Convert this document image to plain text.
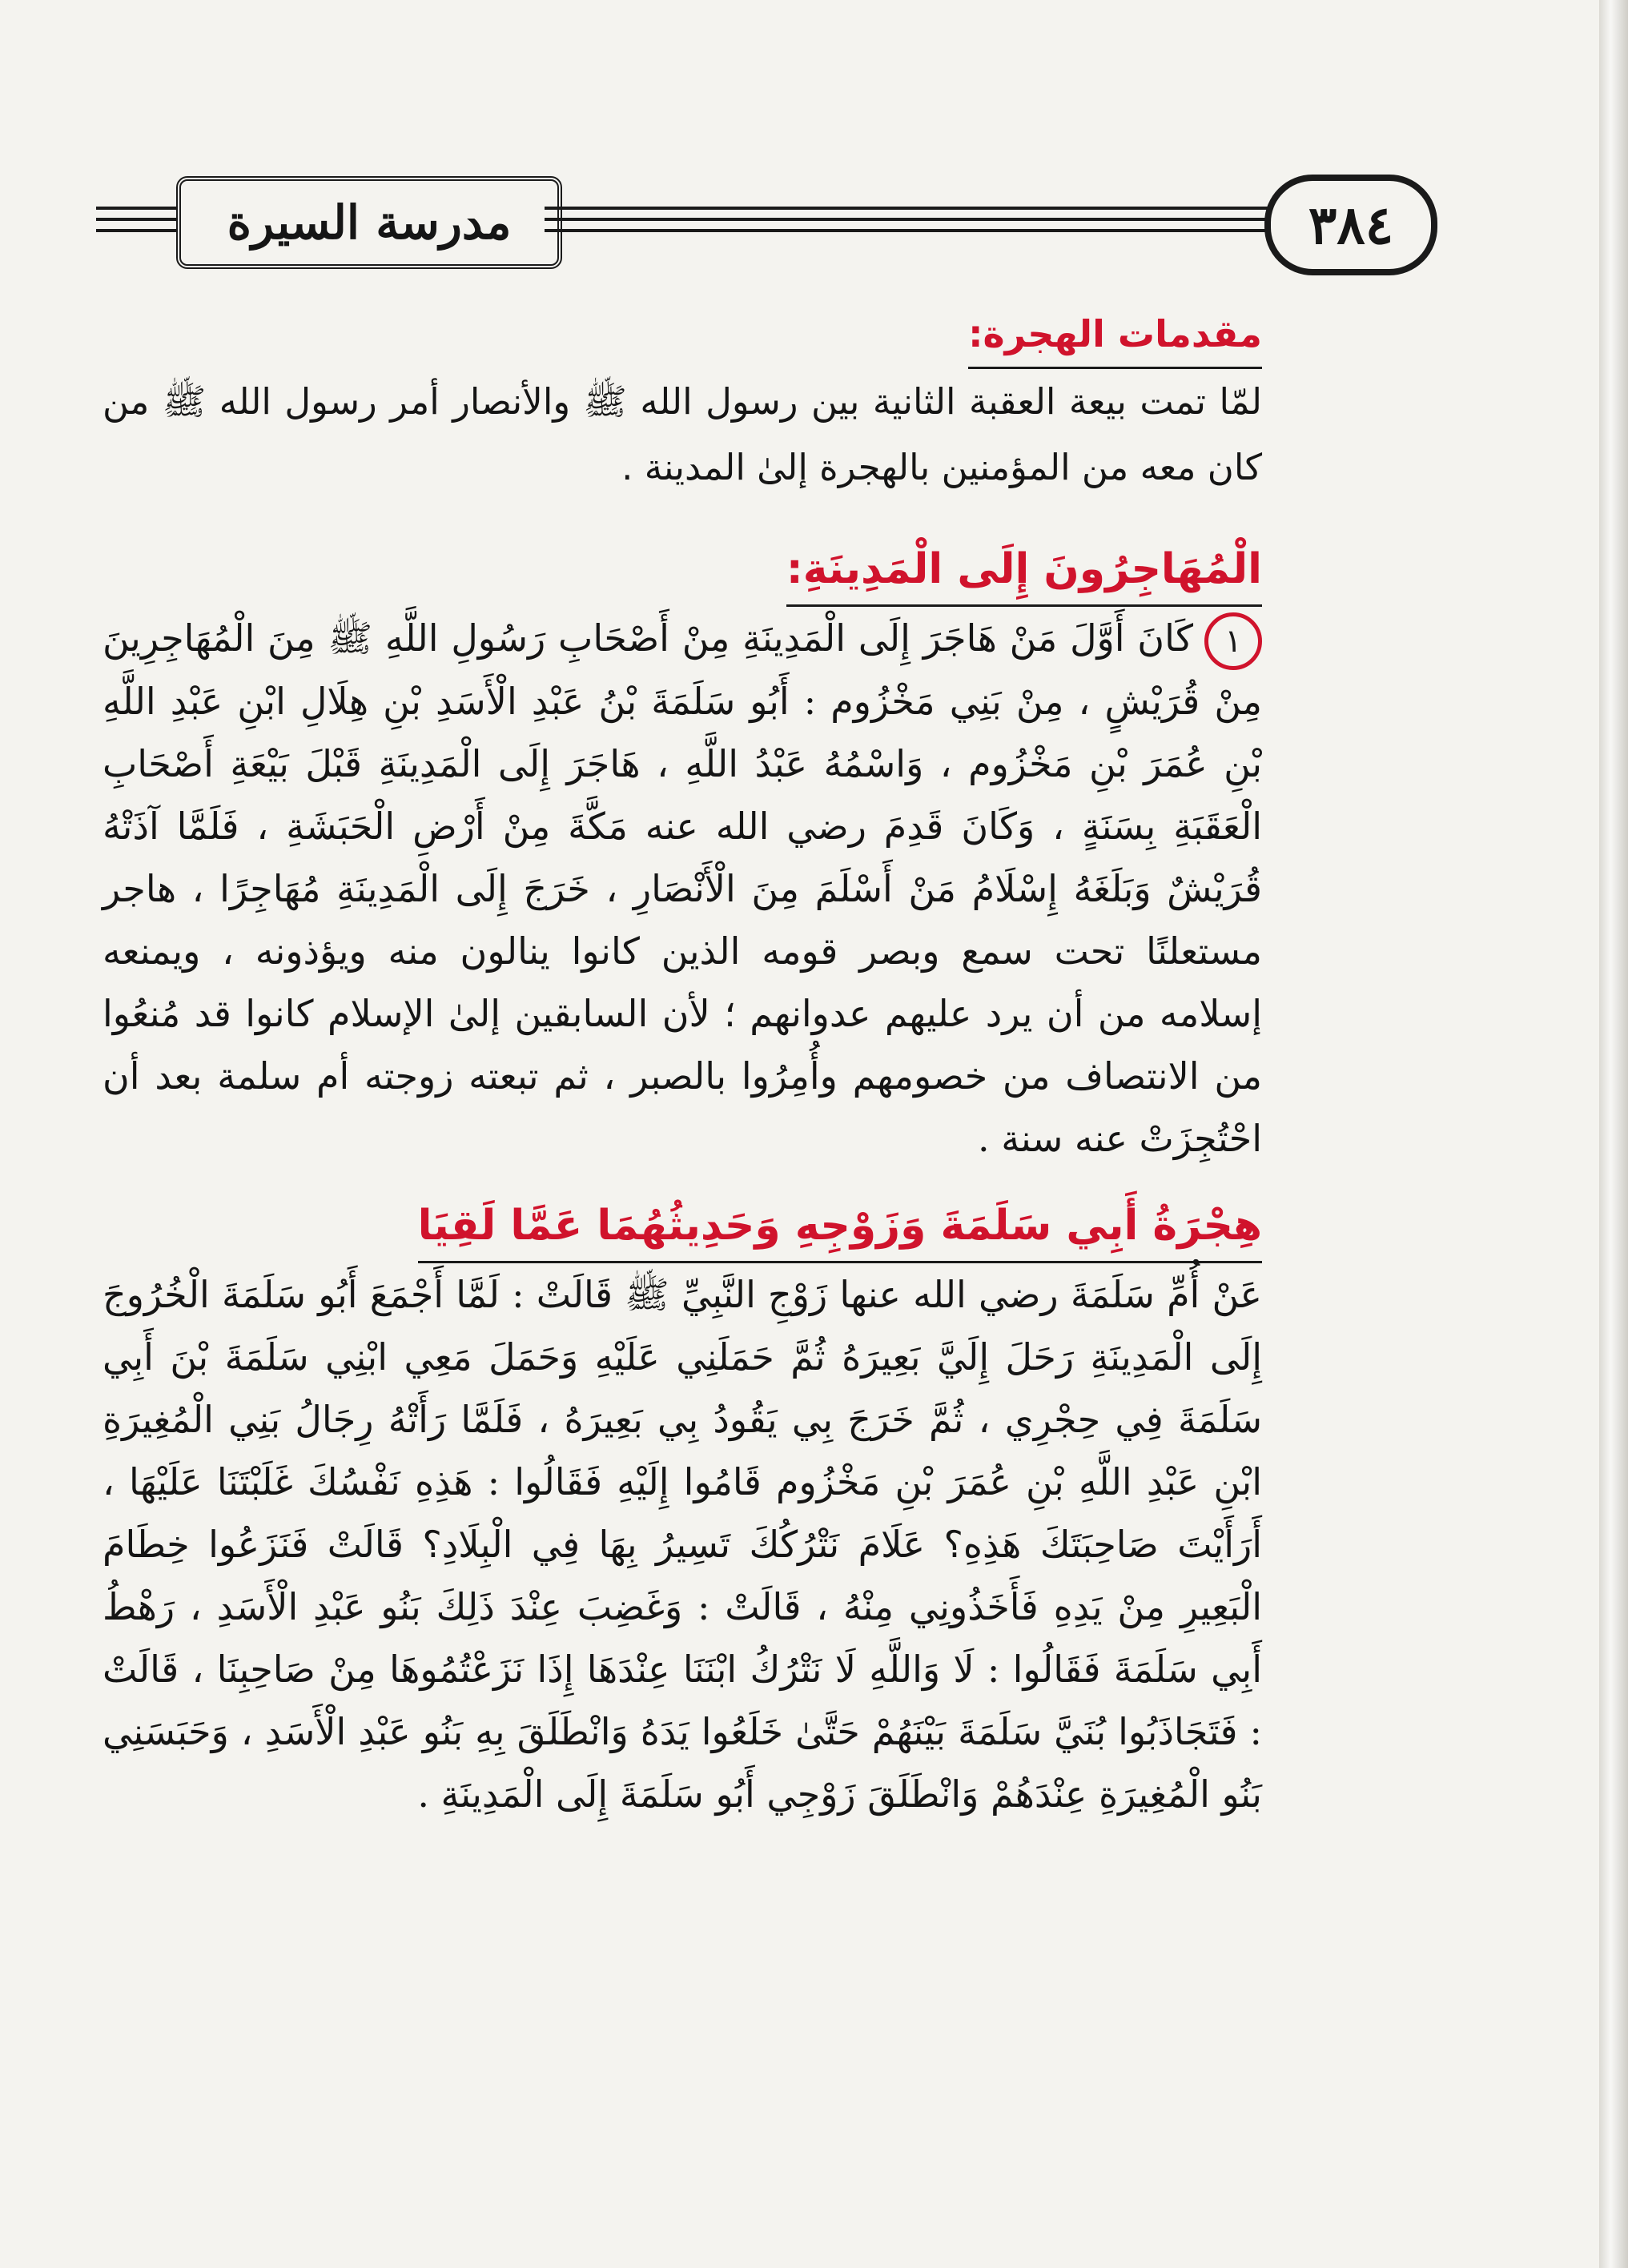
مدرسة السيرة	٣٨٤
مقدمات الهجرة:

لمّا تمت بيعة العقبة الثانية بين رسول الله ﷺ والأنصار أمر رسول الله ﷺ من كان معه من المؤمنين بالهجرة إلىٰ المدينة .

الْمُهَاجِرُونَ إِلَى الْمَدِينَةِ:

١كَانَ أَوَّلَ مَنْ هَاجَرَ إِلَى الْمَدِينَةِ مِنْ أَصْحَابِ رَسُولِ اللَّهِ ﷺ مِنَ الْمُهَاجِرِينَ مِنْ قُرَيْشٍ ، مِنْ بَنِي مَخْزُوم : أَبُو سَلَمَةَ بْنُ عَبْدِ الْأَسَدِ بْنِ هِلَالِ ابْنِ عَبْدِ اللَّهِ بْنِ عُمَرَ بْنِ مَخْزُوم ، وَاسْمُهُ عَبْدُ اللَّهِ ، هَاجَرَ إِلَى الْمَدِينَةِ قَبْلَ بَيْعَةِ أَصْحَابِ الْعَقَبَةِ بِسَنَةٍ ، وَكَانَ قَدِمَ رضي الله عنه مَكَّةَ مِنْ أَرْضِ الْحَبَشَةِ ، فَلَمَّا آذَتْهُ قُرَيْشٌ وَبَلَغَهُ إِسْلَامُ مَنْ أَسْلَمَ مِنَ الْأَنْصَارِ ، خَرَجَ إِلَى الْمَدِينَةِ مُهَاجِرًا ، هاجر مستعلنًا تحت سمع وبصر قومه الذين كانوا ينالون منه ويؤذونه ، ويمنعه إسلامه من أن يرد عليهم عدوانهم ؛ لأن السابقين إلىٰ الإسلام كانوا قد مُنعُوا من الانتصاف من خصومهم وأُمِرُوا بالصبر ، ثم تبعته زوجته أم سلمة بعد أن احْتُجِزَتْ عنه سنة .

هِجْرَةُ أَبِي سَلَمَةَ وَزَوْجِهِ وَحَدِيثُهُمَا عَمَّا لَقِيَا

عَنْ أُمِّ سَلَمَةَ رضي الله عنها زَوْجِ النَّبِيِّ ﷺ قَالَتْ : لَمَّا أَجْمَعَ أَبُو سَلَمَةَ الْخُرُوجَ إِلَى الْمَدِينَةِ رَحَلَ إِلَيَّ بَعِيرَهُ ثُمَّ حَمَلَنِي عَلَيْهِ وَحَمَلَ مَعِي ابْنِي سَلَمَةَ بْنَ أَبِي سَلَمَةَ فِي حِجْرِي ، ثُمَّ خَرَجَ بِي يَقُودُ بِي بَعِيرَهُ ، فَلَمَّا رَأَتْهُ رِجَالُ بَنِي الْمُغِيرَةِ ابْنِ عَبْدِ اللَّهِ بْنِ عُمَرَ بْنِ مَخْزُوم قَامُوا إِلَيْهِ فَقَالُوا : هَذِهِ نَفْسُكَ غَلَبْتَنَا عَلَيْهَا ، أَرَأَيْتَ صَاحِبَتَكَ هَذِهِ؟ عَلَامَ نَتْرُكُكَ تَسِيرُ بِهَا فِي الْبِلَادِ؟ قَالَتْ فَنَزَعُوا خِطَامَ الْبَعِيرِ مِنْ يَدِهِ فَأَخَذُونِي مِنْهُ ، قَالَتْ : وَغَضِبَ عِنْدَ ذَلِكَ بَنُو عَبْدِ الْأَسَدِ ، رَهْطُ أَبِي سَلَمَةَ فَقَالُوا : لَا وَاللَّهِ لَا نَتْرُكُ ابْنَنَا عِنْدَهَا إِذَا نَزَعْتُمُوهَا مِنْ صَاحِبِنَا ، قَالَتْ : فَتَجَاذَبُوا بُنَيَّ سَلَمَةَ بَيْنَهُمْ حَتَّىٰ خَلَعُوا يَدَهُ وَانْطَلَقَ بِهِ بَنُو عَبْدِ الْأَسَدِ ، وَحَبَسَنِي بَنُو الْمُغِيرَةِ عِنْدَهُمْ وَانْطَلَقَ زَوْجِي أَبُو سَلَمَةَ إِلَى الْمَدِينَةِ .
